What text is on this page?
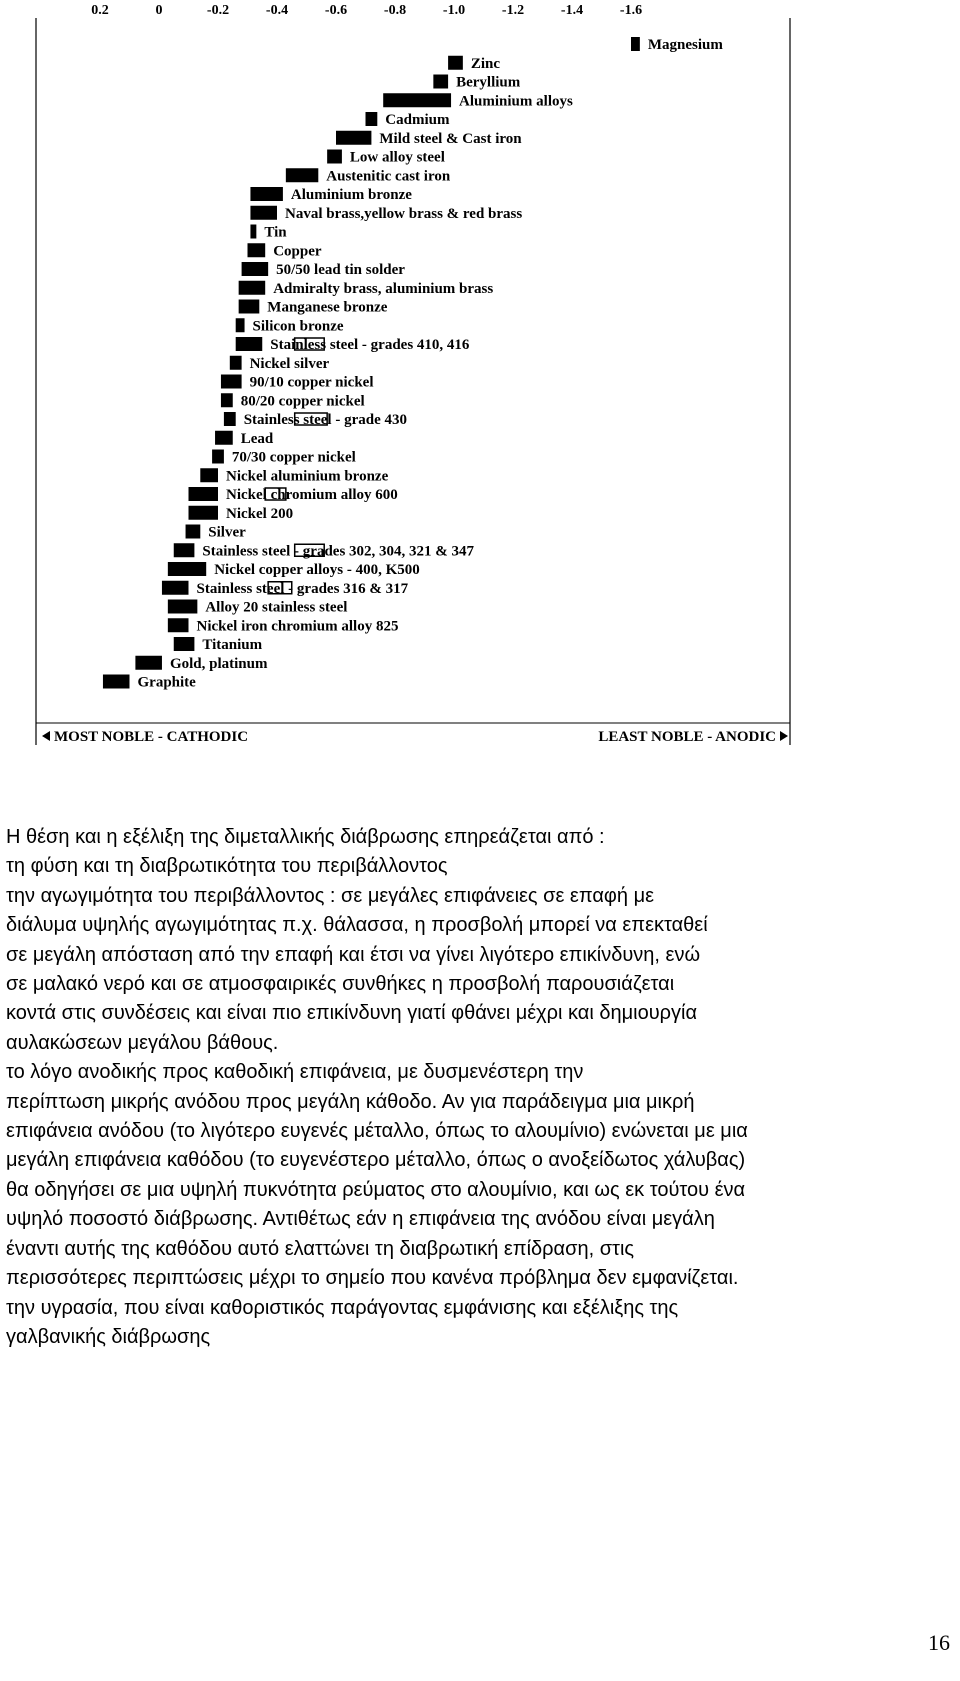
0.2	0	-0.2	-0.4	-0.6	-0.8	-1.0	-1.2	-1.4	-1.6
Magnesium
Zinc
Beryllium
Aluminium alloys
Cadmium
Mild steel & Cast iron
Low alloy steel
Austenitic cast iron
Aluminium bronze
Naval brass,yellow brass & red brass
Tin
Copper
50/50 lead tin solder
Admiralty brass, aluminium brass
Manganese bronze
Silicon bronze
Stainless steel - grades 410, 416
Nickel silver
90/10 copper nickel
80/20 copper nickel
Stainless steel - grade 430
Lead
70/30 copper nickel
Nickel aluminium bronze
Nickel chromium alloy 600
Nickel 200
Silver
Stainless steel - grades 302, 304, 321 & 347
Nickel copper alloys - 400, K500
Stainless steel - grades 316 & 317
Alloy 20 stainless steel
Nickel iron chromium alloy 825
Titanium
Gold, platinum
Graphite
MOST NOBLE - CATHODIC	LEAST NOBLE - ANODIC

Η θέση και η εξέλιξη της διμεταλλικής διάβρωσης επηρεάζεται από :

τη φύση και τη διαβρωτικότητα του περιβάλλοντος

την αγωγιμότητα του περιβάλλοντος : σε μεγάλες επιφάνειες σε επαφή με

διάλυμα υψηλής αγωγιμότητας π.χ. θάλασσα, η προσβολή μπορεί να επεκταθεί

σε μεγάλη απόσταση από την επαφή και έτσι να γίνει λιγότερο επικίνδυνη, ενώ

σε μαλακό νερό και σε ατμοσφαιρικές συνθήκες η προσβολή παρουσιάζεται

κοντά στις συνδέσεις και είναι πιο επικίνδυνη γιατί φθάνει μέχρι και δημιουργία

αυλακώσεων μεγάλου βάθους.

το λόγο ανοδικής προς καθοδική επιφάνεια, με δυσμενέστερη την

περίπτωση μικρής ανόδου προς μεγάλη κάθοδο. Αν για παράδειγμα μια μικρή

επιφάνεια ανόδου (το λιγότερο ευγενές μέταλλο, όπως το αλουμίνιο) ενώνεται με μια

μεγάλη επιφάνεια καθόδου (το ευγενέστερο μέταλλο, όπως ο ανοξείδωτος χάλυβας)

θα οδηγήσει σε μια υψηλή πυκνότητα ρεύματος στο αλουμίνιο, και ως εκ τούτου ένα

υψηλό ποσοστό διάβρωσης. Αντιθέτως εάν η επιφάνεια της ανόδου είναι μεγάλη

έναντι αυτής της καθόδου αυτό ελαττώνει τη διαβρωτική επίδραση, στις

περισσότερες περιπτώσεις μέχρι το σημείο που κανένα πρόβλημα δεν εμφανίζεται.

την υγρασία, που είναι καθοριστικός παράγοντας εμφάνισης και εξέλιξης της

γαλβανικής διάβρωσης

16
